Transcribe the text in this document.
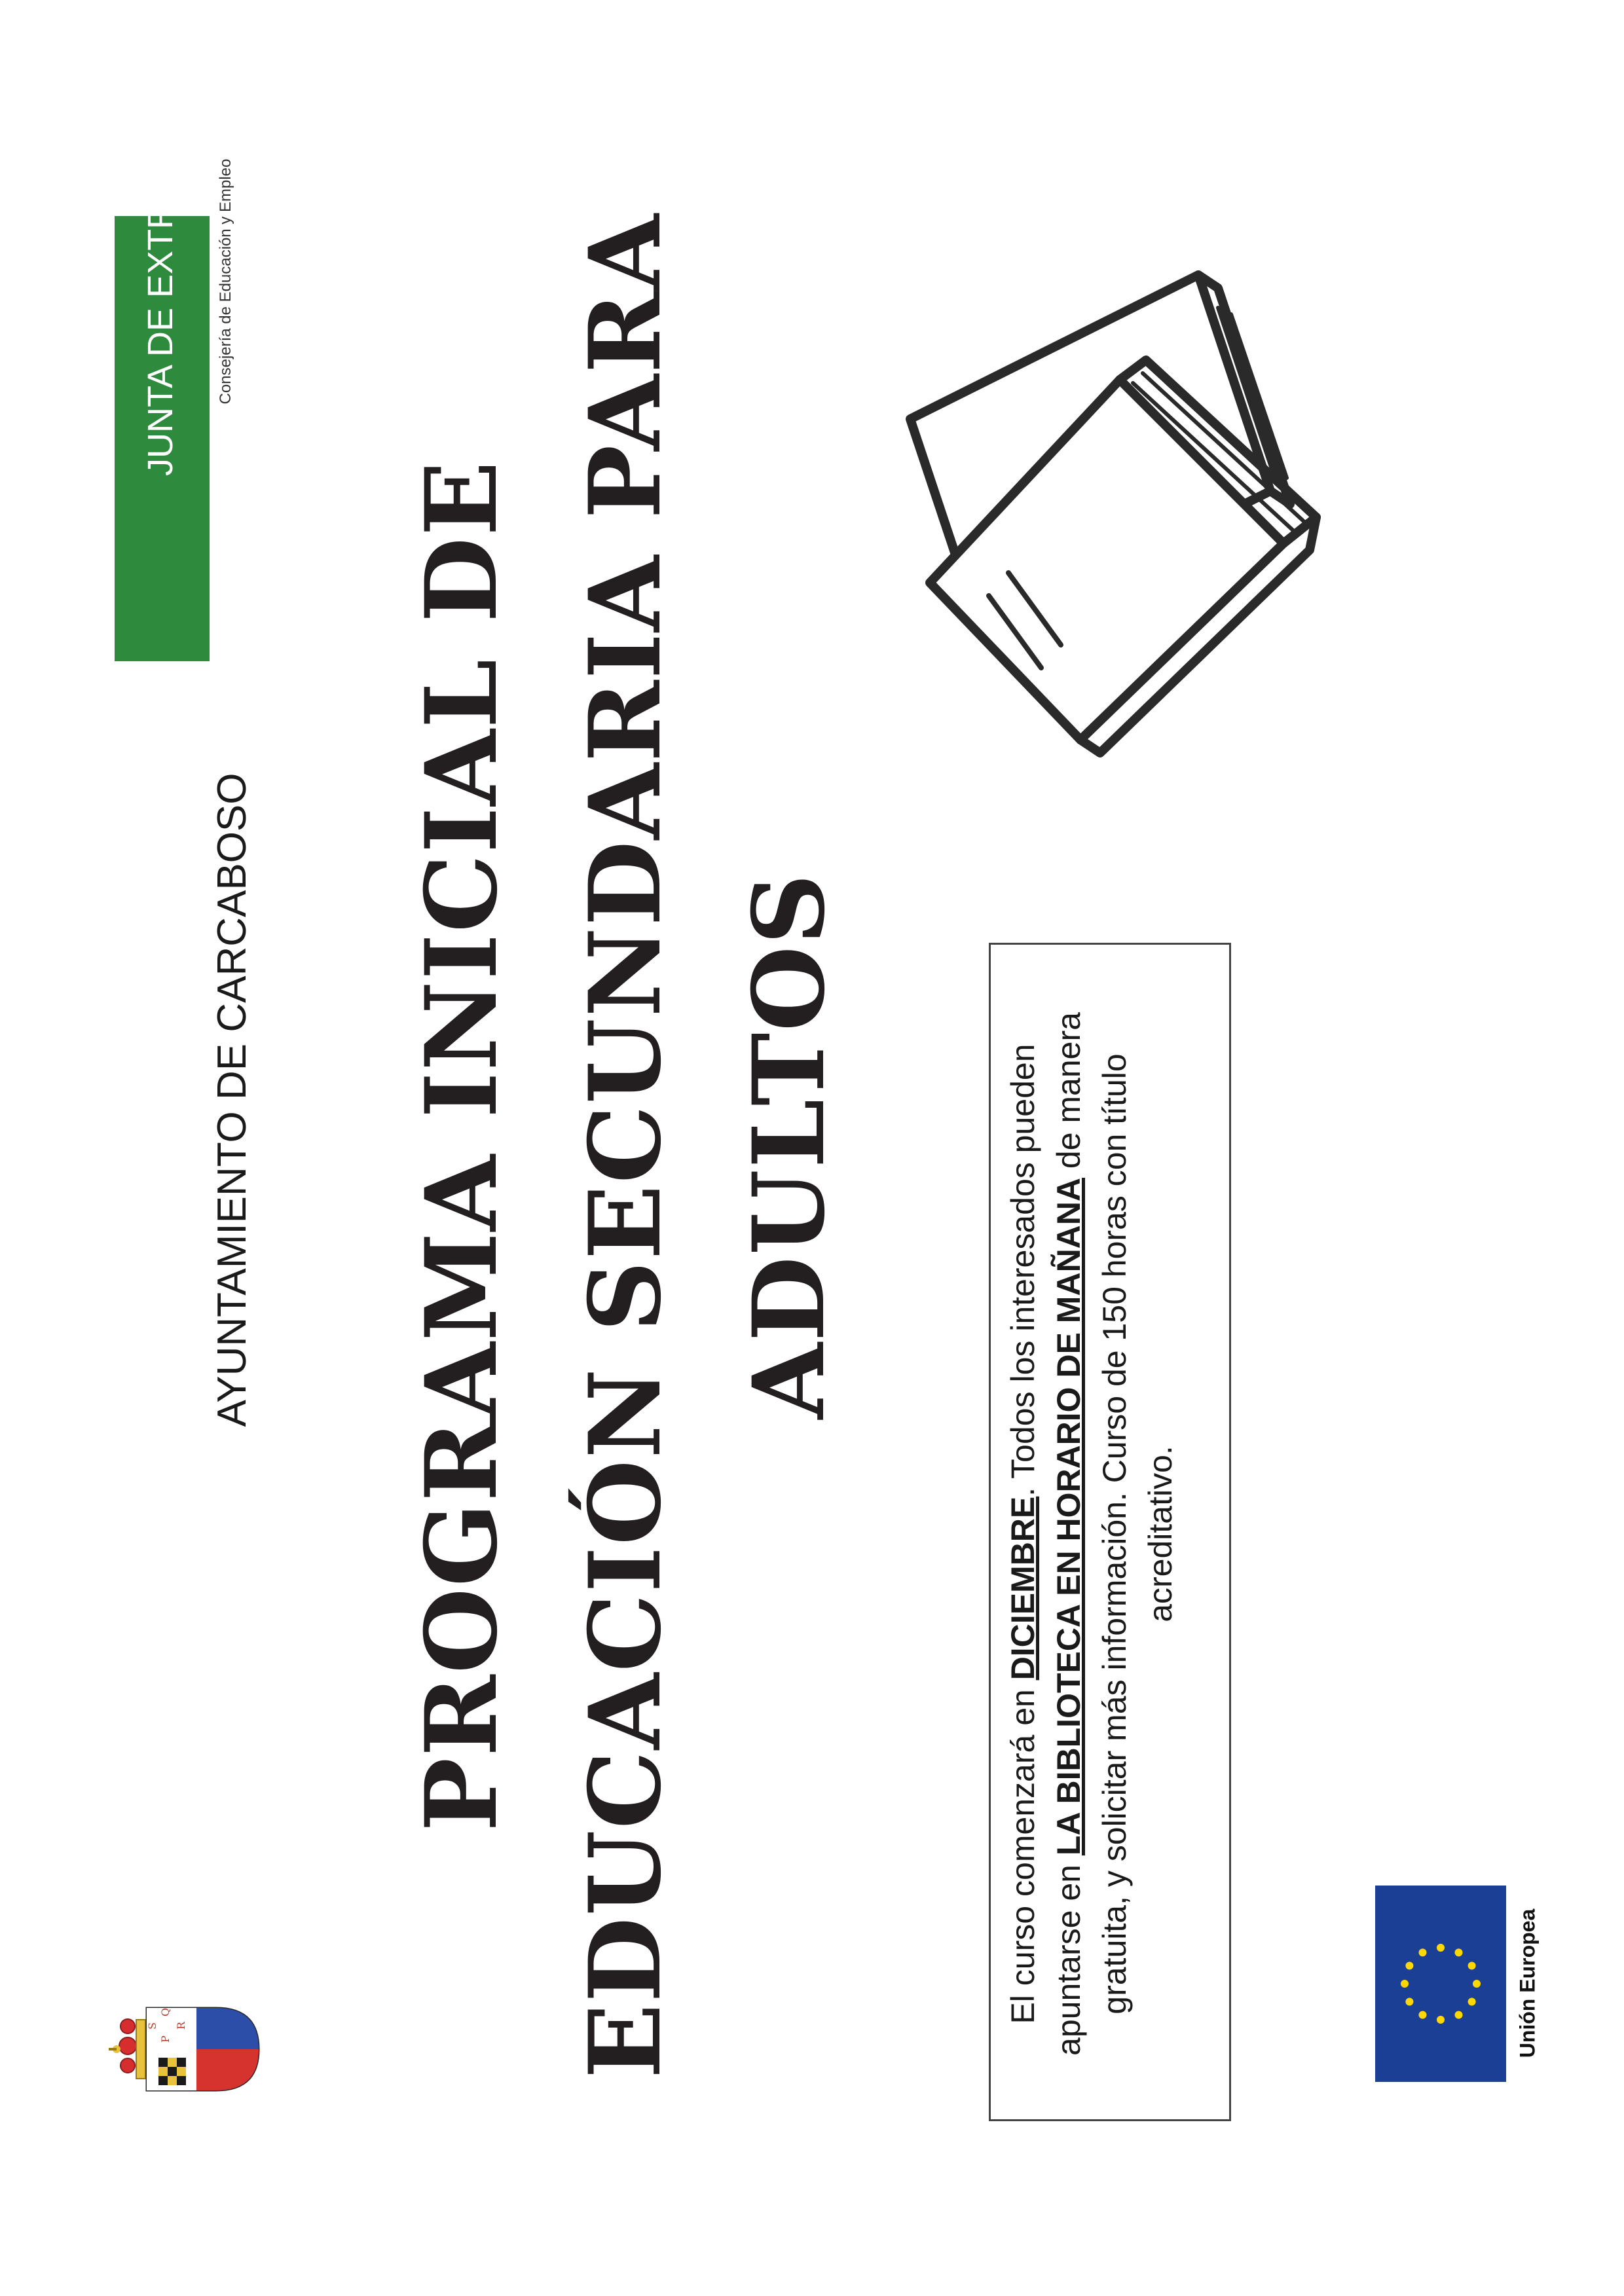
S
P
Q
R
AYUNTAMIENTO DE CARCABOSO
JUNTA DE EXTREMADURA Consejería de Educación y Empleo
PROGRAMA INICIAL DE EDUCACIÓN SECUNDARIA PARA ADULTOS
El curso comenzará en DICIEMBRE. Todos los interesados pueden apuntarse en LA BIBLIOTECA EN HORARIO DE MAÑANA de manera gratuita, y solicitar más información. Curso de 150 horas con título acreditativo.
Unión Europea
